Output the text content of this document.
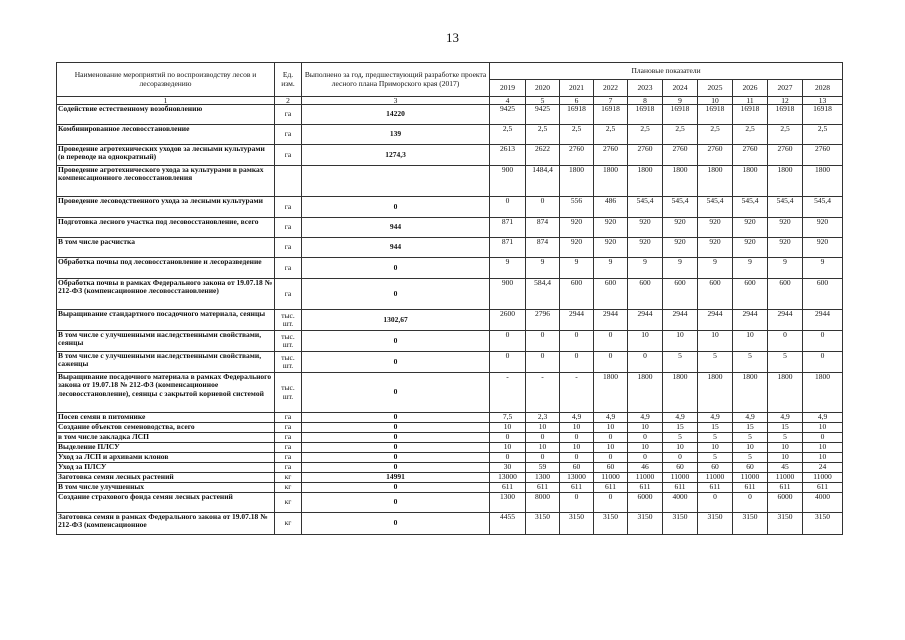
13
Наименование мероприятий по воспроизводству лесов и лесоразведению	Ед. изм.	Выполнено за год, предшествующий разработке проекта лесного плана Приморского края (2017)	Плановые показатели									
			2019	2020	2021	2022	2023	2024	2025	2026	2027	2028
1	2	3	4	5	6	7	8	9	10	11	12	13
Содействие естественному возобновлению	га	14220	9425	9425	16918	16918	16918	16918	16918	16918	16918	16918
Комбинированное лесовосстановление	га	139	2,5	2,5	2,5	2,5	2,5	2,5	2,5	2,5	2,5	2,5
Проведение агротехнических уходов за лесными культурами (в переводе на однократный)	га	1274,3	2613	2622	2760	2760	2760	2760	2760	2760	2760	2760
Проведение агротехнического ухода за культурами в рамках компенсационного лесовосстановления			900	1484,4	1800	1800	1800	1800	1800	1800	1800	1800
Проведение лесоводственного ухода за лесными культурами	га	0	0	0	556	486	545,4	545,4	545,4	545,4	545,4	545,4
Подготовка лесного участка под лесовосстановление, всего	га	944	871	874	920	920	920	920	920	920	920	920
В том числе расчистка	га	944	871	874	920	920	920	920	920	920	920	920
Обработка почвы под лесовосстановление и лесоразведение	га	0	9	9	9	9	9	9	9	9	9	9
Обработка почвы в рамках Федерального закона от 19.07.18 № 212-ФЗ (компенсационное лесовосстановление)	га	0	900	584,4	600	600	600	600	600	600	600	600
Выращивание стандартного посадочного материала, сеянцы	тыс. шт.	1302,67	2600	2796	2944	2944	2944	2944	2944	2944	2944	2944
В том числе с улучшенными наследственными свойствами, сеянцы	тыс. шт.	0	0	0	0	0	10	10	10	10	0	0
В том числе с улучшенными наследственными свойствами, саженцы	тыс. шт.	0	0	0	0	0	0	5	5	5	5	0
Выращивание посадочного материала в рамках Федерального закона от 19.07.18 № 212-ФЗ (компенсационное лесовосстановление), сеянцы с закрытой корневой системой	тыс. шт.	0	-	-	-	1800	1800	1800	1800	1800	1800	1800
Посев семян в питомнике	га	0	7,5	2,3	4,9	4,9	4,9	4,9	4,9	4,9	4,9	4,9
Создание объектов семеноводства, всего	га	0	10	10	10	10	10	15	15	15	15	10
в том числе закладка ЛСП	га	0	0	0	0	0	0	5	5	5	5	0
Выделение ПЛСУ	га	0	10	10	10	10	10	10	10	10	10	10
Уход за ЛСП и архивами клонов	га	0	0	0	0	0	0	0	5	5	10	10
Уход за ПЛСУ	га	0	30	59	60	60	46	60	60	60	45	24
Заготовка семян лесных растений	кг	14991	13000	1300	13000	11000	11000	11000	11000	11000	11000	11000
В том числе улучшенных	кг	0	611	611	611	611	611	611	611	611	611	611
Создание страхового фонда семян лесных растений	кг	0	1300	8000	0	0	6000	4000	0	0	6000	4000
Заготовка семян в рамках Федерального закона от 19.07.18 № 212-ФЗ (компенсационное	кг	0	4455	3150	3150	3150	3150	3150	3150	3150	3150	3150
